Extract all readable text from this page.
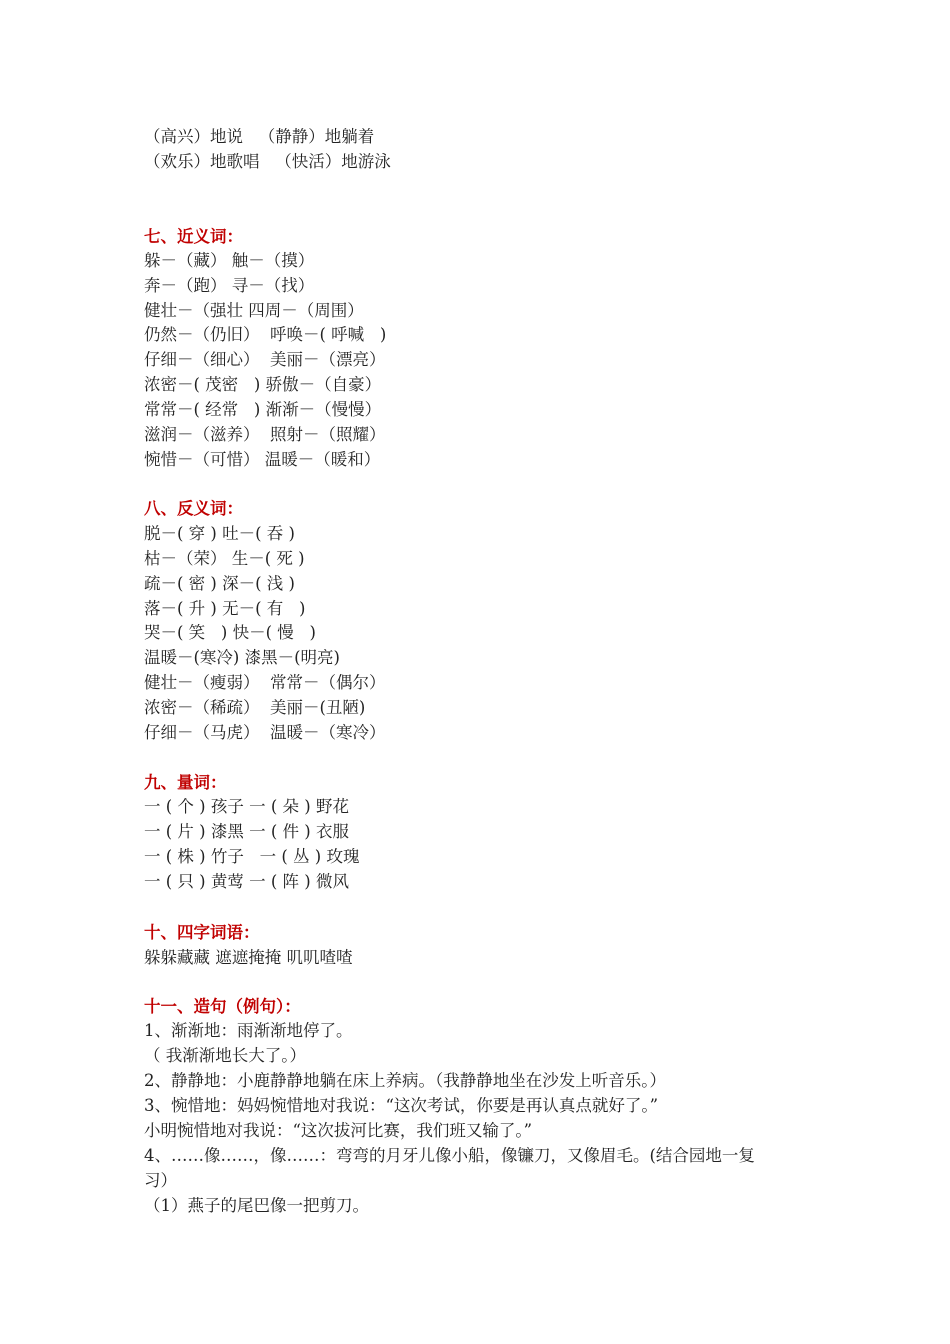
（高兴）地说   （静静）地躺着
（欢乐）地歌唱   （快活）地游泳
七、近义词：
躲－（藏） 触－（摸）
奔－（跑） 寻－（找）
健壮－（强壮 四周－（周围）
仍然－（仍旧）  呼唤－( 呼喊   )
仔细－（细心）  美丽－（漂亮）
浓密－( 茂密   ) 骄傲－（自豪）
常常－( 经常   ) 渐渐－（慢慢）
滋润－（滋养）  照射－（照耀）
惋惜－（可惜） 温暖－（暖和）
八、反义词：
脱－( 穿 ) 吐－( 吞 )
枯－（荣） 生－( 死 )
疏－( 密 ) 深－( 浅 )
落－( 升 ) 无－( 有   )
哭－( 笑   ) 快－( 慢   )
温暖－(寒冷) 漆黑－(明亮)
健壮－（瘦弱）  常常－（偶尔）
浓密－（稀疏）  美丽－(丑陋)
仔细－（马虎）  温暖－（寒冷）
九、量词：
一 ( 个 ) 孩子 一 ( 朵 ) 野花
一 ( 片 ) 漆黑 一 ( 件 ) 衣服
一 ( 株 ) 竹子   一 ( 丛 ) 玫瑰
一 ( 只 ) 黄莺 一 ( 阵 ) 微风
十、四字词语：
躲躲藏藏 遮遮掩掩 叽叽喳喳
十一、造句（例句）：
1、渐渐地：雨渐渐地停了。
（ 我渐渐地长大了。）
2、静静地：小鹿静静地躺在床上养病。（我静静地坐在沙发上听音乐。）
3、惋惜地：妈妈惋惜地对我说：“这次考试，你要是再认真点就好了。”
小明惋惜地对我说：“这次拔河比赛，我们班又输了。”
4、……像……，像……：弯弯的月牙儿像小船，像镰刀，又像眉毛。(结合园地一复
习）
（1）燕子的尾巴像一把剪刀。
